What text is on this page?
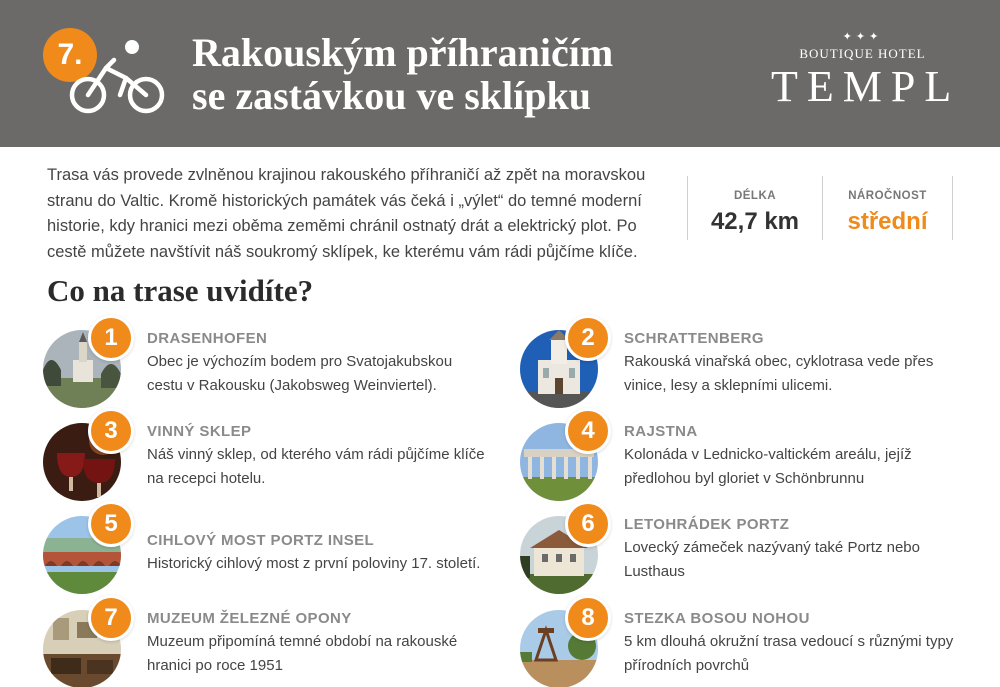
7.	Rakouským příhraničím
se zastávkou ve sklípku
✦✦✦
BOUTIQUE HOTEL
TEMPL

Trasa vás provede zvlněnou krajinou rakouského příhraničí až zpět na moravskou stranu do Valtic. Kromě historických památek vás čeká i „výlet“ do temné moderní historie, kdy hranici mezi oběma zeměmi chránil ostnatý drát a elektrický plot. Po cestě můžete navštívit náš soukromý sklípek, ke kterému vám rádi půjčíme klíče.

DÉLKA
42,7 km
NÁROČNOST
střední
Co na trase uvidíte?
1	DRASENHOFEN
Obec je výchozím bodem pro Svatojakubskou cestu v Rakousku (Jakobsweg Weinviertel).
2	SCHRATTENBERG
Rakouská vinařská obec, cyklotrasa vede přes vinice, lesy a sklepními ulicemi.
3	VINNÝ SKLEP
Náš vinný sklep, od kterého vám rádi půjčíme klíče na recepci hotelu.
4	RAJSTNA
Kolonáda v Lednicko-valtickém areálu, jejíž předlohou byl gloriet v Schönbrunnu
5
CIHLOVÝ MOST PORTZ INSEL
Historický cihlový most z první poloviny 17. století.
6	LETOHRÁDEK PORTZ
Lovecký zámeček nazývaný také Portz nebo Lusthaus
7	MUZEUM ŽELEZNÉ OPONY
Muzeum připomíná temné období na rakouské hranici po roce 1951
8	STEZKA BOSOU NOHOU
5 km dlouhá okružní trasa vedoucí s různými typy přírodních povrchů
